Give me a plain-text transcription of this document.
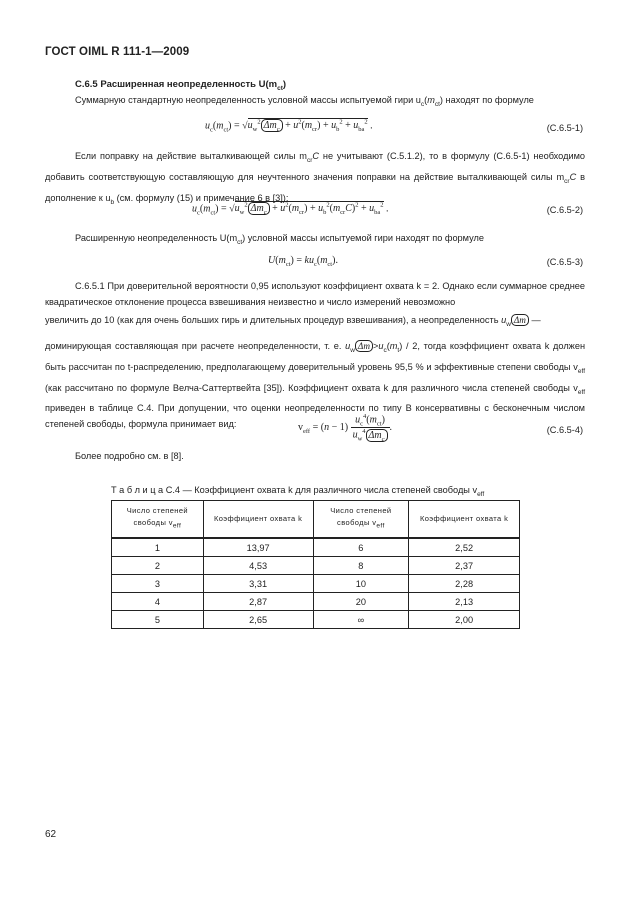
ГОСТ OIML R 111-1—2009
С.6.5 Расширенная неопределенность $U(m_{ct})$
Суммарную стандартную неопределенность условной массы испытуемой гири $u_c(m_{ct})$ находят по формуле
$u_c(m_{ct}) = √u_w^2$ $\Delta m_c + u^2(m_{cr}) + u_b^2 + u_{ba}^2$ .	(С.6.5-1)
Если поправку на действие выталкивающей силы $m_{cr}C$ не учитывают (С.5.1.2), то в формулу (С.6.5-1) необходимо добавить соответствующую составляющую для неучтенного значения поправки на действие выталкивающей силы $m_{cr}C$ в дополнение к $u_b$ (см. формулу (15) и примечание 6 в [3]):
$u_c(m_{ct}) = √u_w^2$ $\Delta m_c + u^2(m_{cr}) + u_b^2(m_{cr}C)^2 + u_{ba}^2$ .	(С.6.5-2)
Расширенную неопределенность $U(m_{ct})$ условной массы испытуемой гири находят по формуле
$U(m_{ct}) = ku_c(m_{ct})$.	(С.6.5-3)
С.6.5.1 При доверительной вероятности 0,95 используют коэффициент охвата k = 2. Однако если суммарное среднее квадратическое отклонение процесса взвешивания неизвестно и число измерений невозможно
увеличить до 10 (как для очень больших гирь и длительных процедур взвешивания), а неопределенность $u_w$ Δm —
доминирующая составляющая при расчете неопределенности, т. е. $u_w$ $\Delta m >u_c(m_t) / 2$, тогда коэффициент охвата k должен быть рассчитан по t-распределению, предполагающему доверительный уровень 95,5 % и эффективные степени свободы $v_{eff}$ (как рассчитано по формуле Велча-Саттертвейта [35]). Коэффициент охвата k для различного числа степеней свободы $v_{eff}$ приведен в таблице С.4. При допущении, что оценки неопределенности по типу В консервативны с бесконечным числом степеней свободы, формула принимает вид:	$v_{eff} = (n - 1) \frac{u_c^4(m_{ct})}{u_w^4 \Delta m_c}$ .	(С.6.5-4)
Более подробно см. в [8].
Т а б л и ц а С.4 — Коэффициент охвата k для различного числа степеней свободы $v_{eff}$
Число степеней свободы $v_{eff}$	Коэффициент охвата k	Число степеней свободы $v_{eff}$	Коэффициент охвата k
1	13,97	6	2,52
2	4,53	8	2,37
3	3,31	10	2,28
4	2,87	20	2,13
5	2,65	∞	2,00
62
